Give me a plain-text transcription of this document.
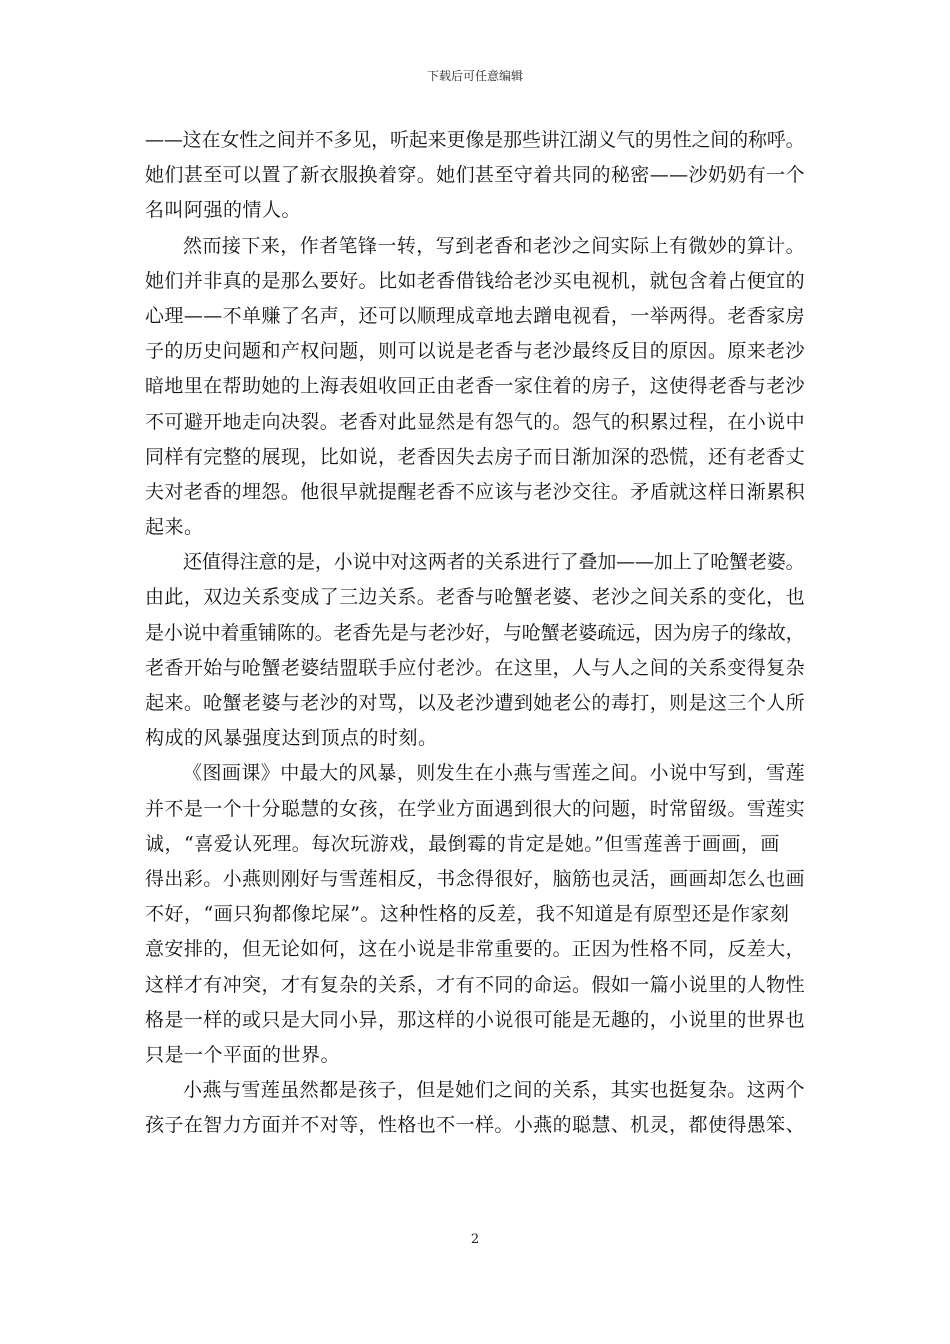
下载后可任意编辑
——这在女性之间并不多见，听起来更像是那些讲江湖义气的男性之间的称呼。
她们甚至可以置了新衣服换着穿。她们甚至守着共同的秘密——沙奶奶有一个
名叫阿强的情人。
然而接下来，作者笔锋一转，写到老香和老沙之间实际上有微妙的算计。
她们并非真的是那么要好。比如老香借钱给老沙买电视机，就包含着占便宜的
心理——不单赚了名声，还可以顺理成章地去蹭电视看，一举两得。老香家房
子的历史问题和产权问题，则可以说是老香与老沙最终反目的原因。原来老沙
暗地里在帮助她的上海表姐收回正由老香一家住着的房子，这使得老香与老沙
不可避开地走向决裂。老香对此显然是有怨气的。怨气的积累过程，在小说中
同样有完整的展现，比如说，老香因失去房子而日渐加深的恐慌，还有老香丈
夫对老香的埋怨。他很早就提醒老香不应该与老沙交往。矛盾就这样日渐累积
起来。
还值得注意的是，小说中对这两者的关系进行了叠加——加上了呛蟹老婆。
由此，双边关系变成了三边关系。老香与呛蟹老婆、老沙之间关系的变化，也
是小说中着重铺陈的。老香先是与老沙好，与呛蟹老婆疏远，因为房子的缘故，
老香开始与呛蟹老婆结盟联手应付老沙。在这里，人与人之间的关系变得复杂
起来。呛蟹老婆与老沙的对骂，以及老沙遭到她老公的毒打，则是这三个人所
构成的风暴强度达到顶点的时刻。
《图画课》中最大的风暴，则发生在小燕与雪莲之间。小说中写到，雪莲
并不是一个十分聪慧的女孩，在学业方面遇到很大的问题，时常留级。雪莲实
诚，“喜爱认死理。每次玩游戏，最倒霉的肯定是她。”但雪莲善于画画，画
得出彩。小燕则刚好与雪莲相反，书念得很好，脑筋也灵活，画画却怎么也画
不好，“画只狗都像坨屎”。这种性格的反差，我不知道是有原型还是作家刻
意安排的，但无论如何，这在小说是非常重要的。正因为性格不同，反差大，
这样才有冲突，才有复杂的关系，才有不同的命运。假如一篇小说里的人物性
格是一样的或只是大同小异，那这样的小说很可能是无趣的，小说里的世界也
只是一个平面的世界。
小燕与雪莲虽然都是孩子，但是她们之间的关系，其实也挺复杂。这两个
孩子在智力方面并不对等，性格也不一样。小燕的聪慧、机灵，都使得愚笨、
2
